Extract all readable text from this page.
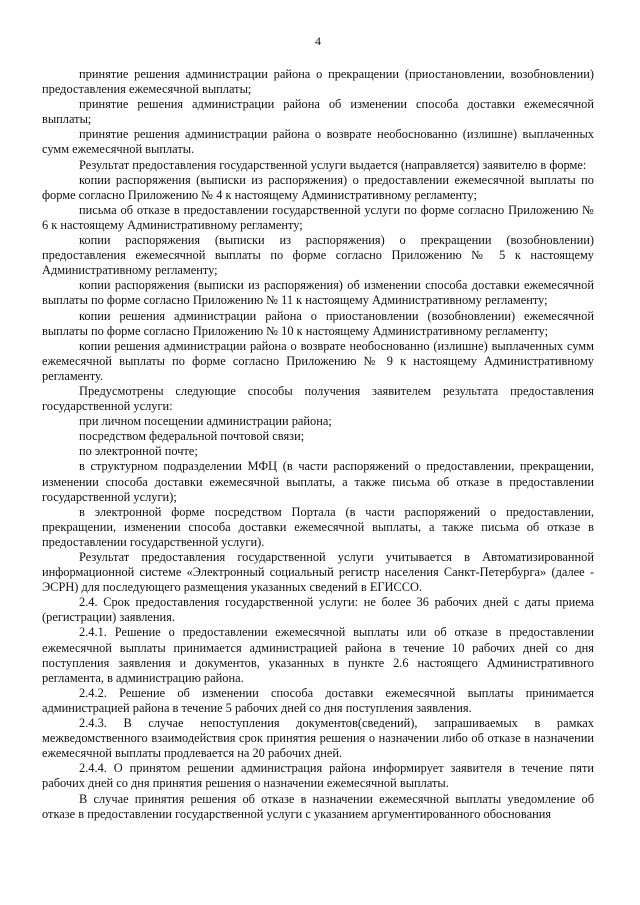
4

принятие решения администрации района о прекращении (приостановлении, возобновлении) предоставления ежемесячной выплаты;

принятие решения администрации района об изменении способа доставки ежемесячной выплаты;

принятие решения администрации района о возврате необоснованно (излишне) выплаченных сумм ежемесячной выплаты.

Результат предоставления государственной услуги выдается (направляется) заявителю в форме:

копии распоряжения (выписки из распоряжения) о предоставлении ежемесячной выплаты по форме согласно Приложению № 4 к настоящему Административному регламенту;

письма об отказе в предоставлении государственной услуги по форме согласно Приложению № 6 к настоящему Административному регламенту;

копии распоряжения (выписки из распоряжения) о прекращении (возобновлении) предоставления ежемесячной выплаты по форме согласно Приложению № 5 к настоящему Административному регламенту;

копии распоряжения (выписки из распоряжения) об изменении способа доставки ежемесячной выплаты по форме согласно Приложению № 11 к настоящему Административному регламенту;

копии решения администрации района о приостановлении (возобновлении) ежемесячной выплаты по форме согласно Приложению № 10 к настоящему Административному регламенту;

копии решения администрации района о возврате необоснованно (излишне) выплаченных сумм ежемесячной выплаты по форме согласно Приложению № 9 к настоящему Административному регламенту.

Предусмотрены следующие способы получения заявителем результата предоставления государственной услуги:

при личном посещении администрации района;

посредством федеральной почтовой связи;

по электронной почте;

в структурном подразделении МФЦ (в части распоряжений о предоставлении, прекращении, изменении способа доставки ежемесячной выплаты, а также письма об отказе в предоставлении государственной услуги);

в электронной форме посредством Портала (в части распоряжений о предоставлении, прекращении, изменении способа доставки ежемесячной выплаты, а также письма об отказе в предоставлении государственной услуги).

Результат предоставления государственной услуги учитывается в Автоматизированной информационной системе «Электронный социальный регистр населения Санкт-Петербурга» (далее - ЭСРН) для последующего размещения указанных сведений в ЕГИССО.

2.4. Срок предоставления государственной услуги: не более 36 рабочих дней с даты приема (регистрации) заявления.

2.4.1. Решение о предоставлении ежемесячной выплаты или об отказе в предоставлении ежемесячной выплаты принимается администрацией района в течение 10 рабочих дней со дня поступления заявления и документов, указанных в пункте 2.6 настоящего Административного регламента, в администрацию района.

2.4.2. Решение об изменении способа доставки ежемесячной выплаты принимается администрацией района в течение 5 рабочих дней со дня поступления заявления.

2.4.3. В случае непоступления документов(сведений), запрашиваемых в рамках межведомственного взаимодействия срок принятия решения о назначении либо об отказе в назначении ежемесячной выплаты продлевается на 20 рабочих дней.

2.4.4. О принятом решении администрация района информирует заявителя в течение пяти рабочих дней со дня принятия решения о назначении ежемесячной выплаты.

В случае принятия решения об отказе в назначении ежемесячной выплаты уведомление об отказе в предоставлении государственной услуги с указанием аргументированного обоснования
